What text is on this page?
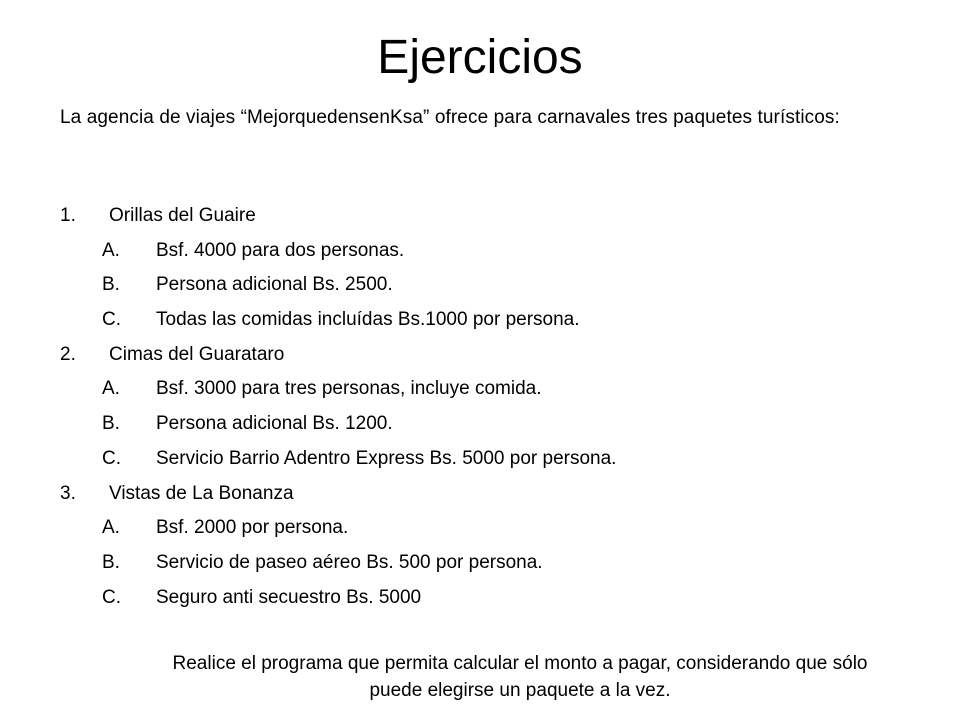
Ejercicios
La agencia de viajes “MejorquedensenKsa” ofrece para carnavales tres paquetes turísticos:
1. Orillas del Guaire
A. Bsf. 4000 para dos personas.
B. Persona adicional Bs. 2500.
C. Todas las comidas incluídas Bs.1000 por persona.
2. Cimas del Guarataro
A. Bsf. 3000 para tres personas, incluye comida.
B. Persona adicional Bs. 1200.
C. Servicio Barrio Adentro Express Bs. 5000 por persona.
3. Vistas de La Bonanza
A. Bsf. 2000 por persona.
B. Servicio de paseo aéreo Bs. 500 por persona.
C. Seguro anti secuestro Bs. 5000
Realice el programa que permita calcular el monto a pagar, considerando que sólo puede elegirse un paquete a la vez.
